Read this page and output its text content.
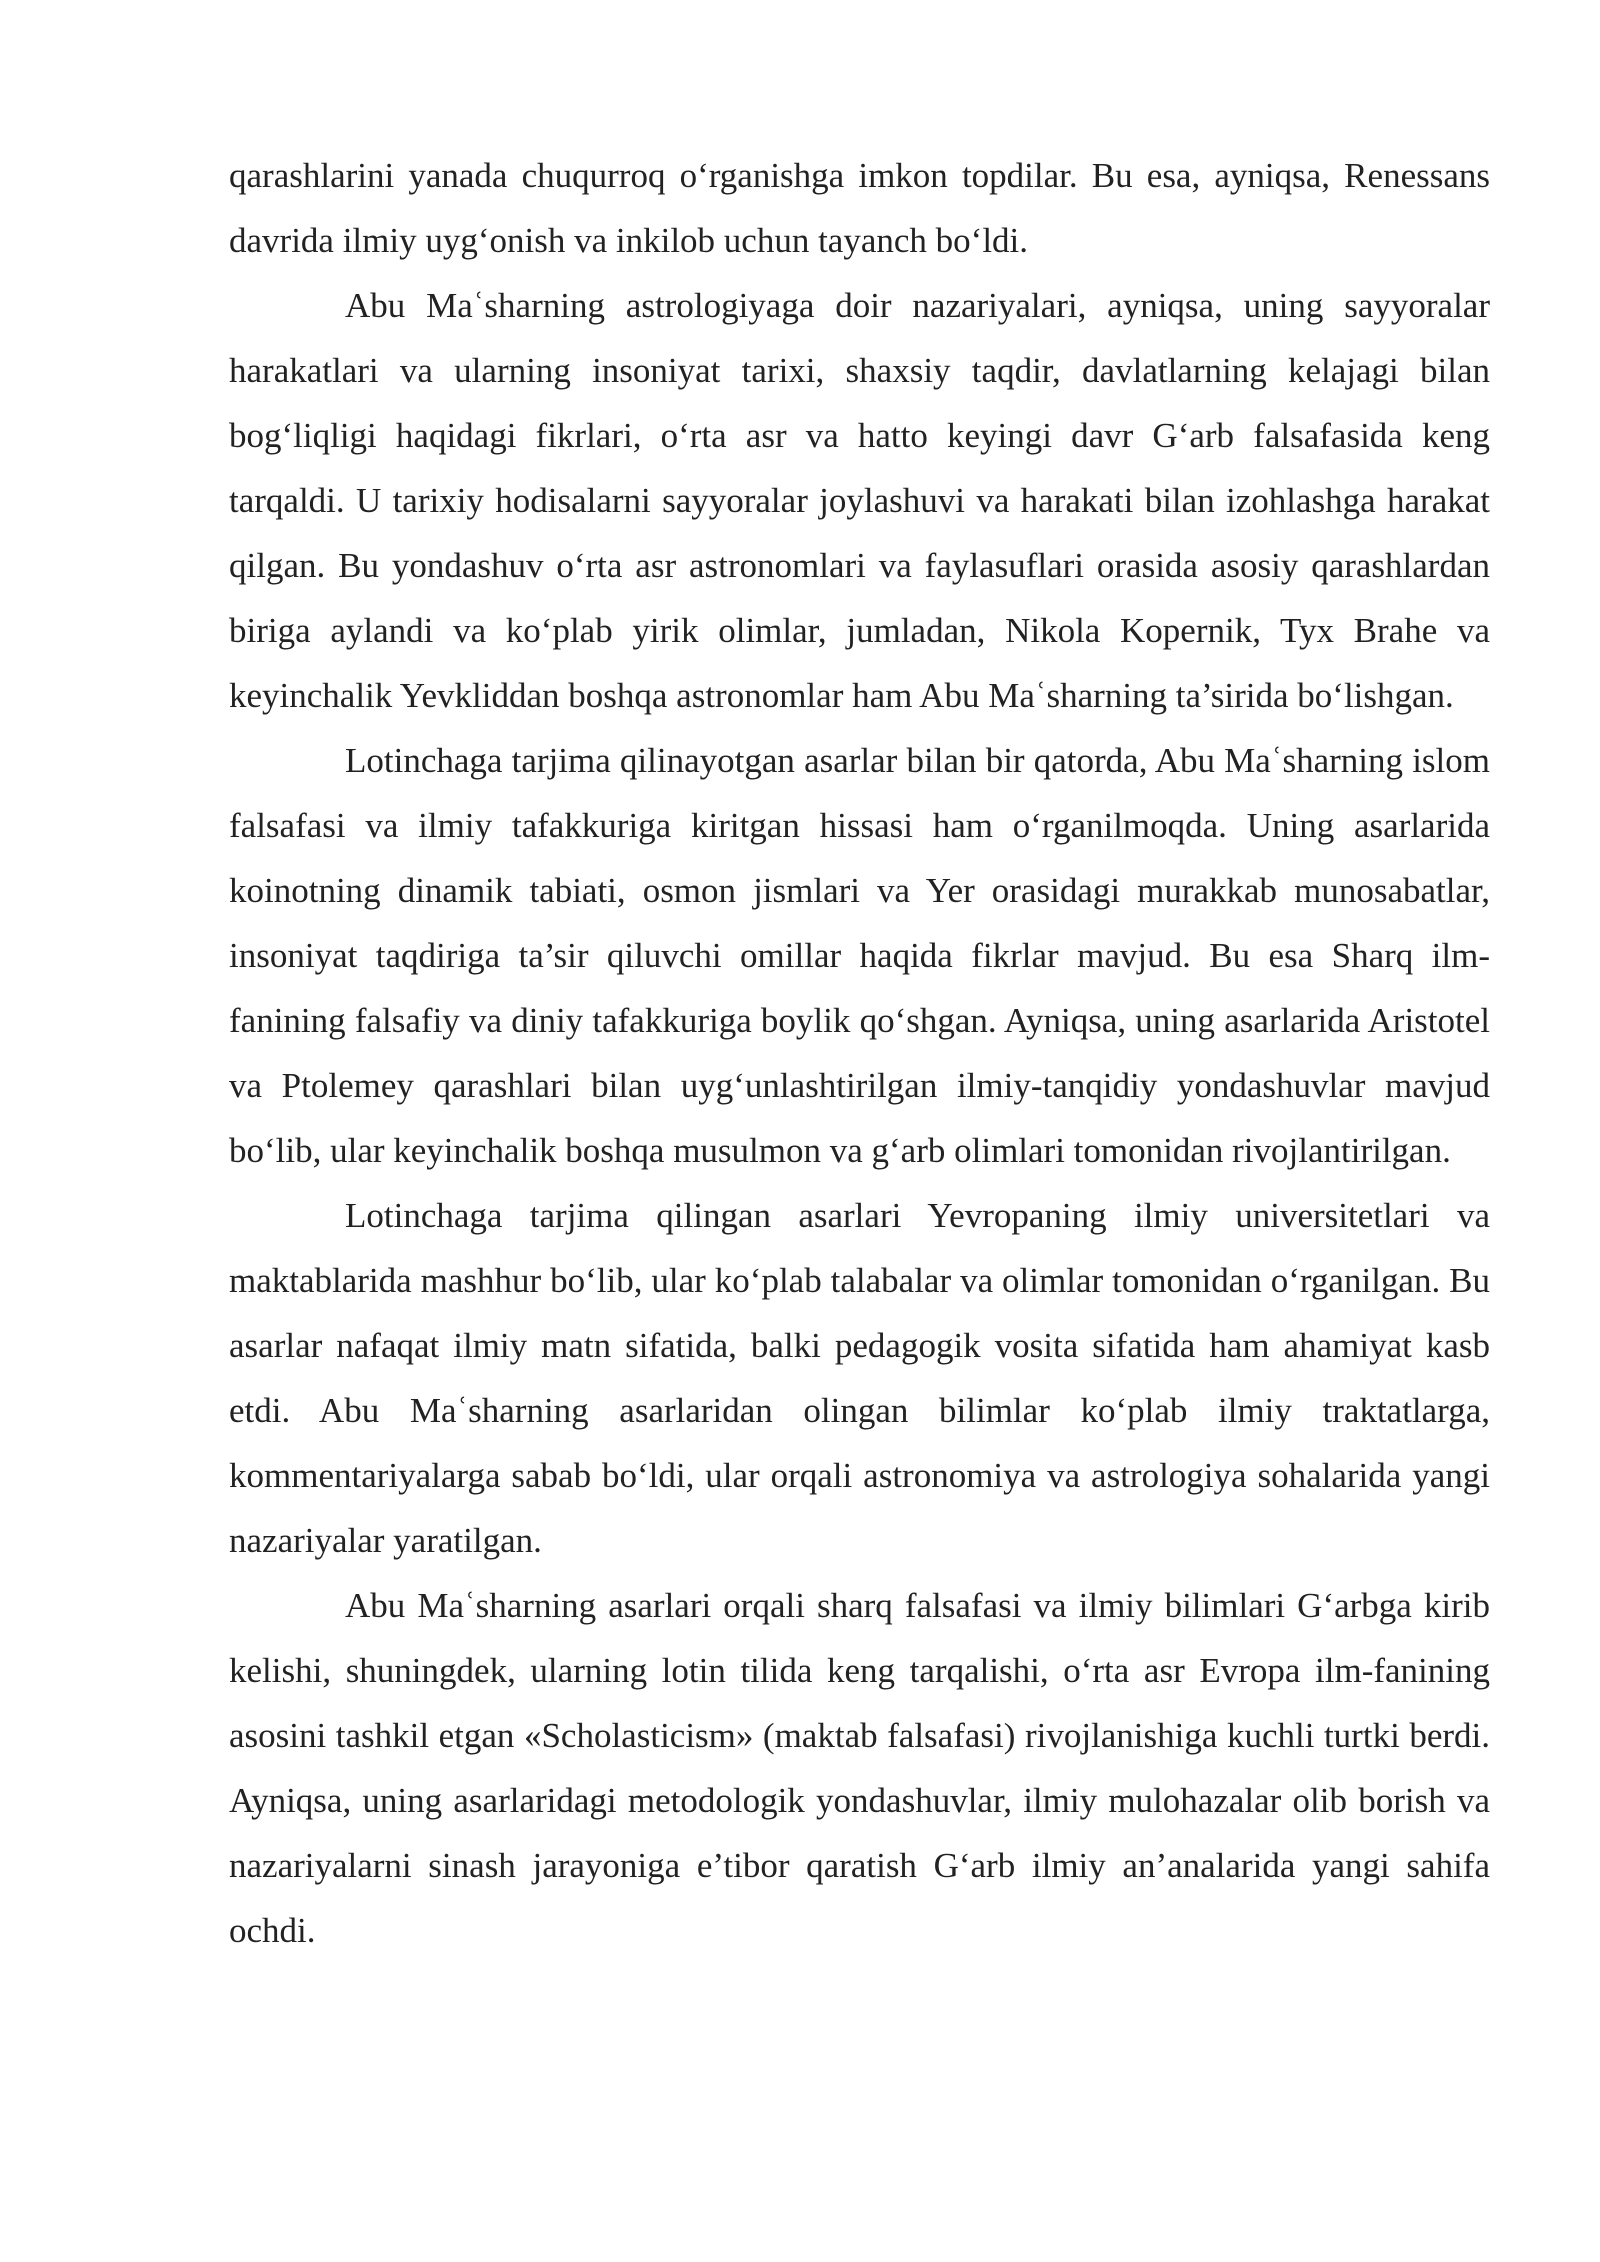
qarashlarini yanada chuqurroq o‘rganishga imkon topdilar. Bu esa, ayniqsa, Renessans davrida ilmiy uyg‘onish va inkilob uchun tayanch bo‘ldi.

Abu Maʿsharning astrologiyaga doir nazariyalari, ayniqsa, uning sayyoralar harakatlari va ularning insoniyat tarixi, shaxsiy taqdir, davlatlarning kelajagi bilan bog‘liqligi haqidagi fikrlari, o‘rta asr va hatto keyingi davr G‘arb falsafasida keng tarqaldi. U tarixiy hodisalarni sayyoralar joylashuvi va harakati bilan izohlashga harakat qilgan. Bu yondashuv o‘rta asr astronomlari va faylasuflari orasida asosiy qarashlardan biriga aylandi va ko‘plab yirik olimlar, jumladan, Nikola Kopernik, Tyx Brahe va keyinchalik Yevkliddan boshqa astronomlar ham Abu Maʿsharning ta’sirida bo‘lishgan.

Lotinchaga tarjima qilinayotgan asarlar bilan bir qatorda, Abu Maʿsharning islom falsafasi va ilmiy tafakkuriga kiritgan hissasi ham o‘rganilmoqda. Uning asarlarida koinotning dinamik tabiati, osmon jismlari va Yer orasidagi murakkab munosabatlar, insoniyat taqdiriga ta’sir qiluvchi omillar haqida fikrlar mavjud. Bu esa Sharq ilm-fanining falsafiy va diniy tafakkuriga boylik qo‘shgan. Ayniqsa, uning asarlarida Aristotel va Ptolemey qarashlari bilan uyg‘unlashtirilgan ilmiy-tanqidiy yondashuvlar mavjud bo‘lib, ular keyinchalik boshqa musulmon va g‘arb olimlari tomonidan rivojlantirilgan.

Lotinchaga tarjima qilingan asarlari Yevropaning ilmiy universitetlari va maktablarida mashhur bo‘lib, ular ko‘plab talabalar va olimlar tomonidan o‘rganilgan. Bu asarlar nafaqat ilmiy matn sifatida, balki pedagogik vosita sifatida ham ahamiyat kasb etdi. Abu Maʿsharning asarlaridan olingan bilimlar ko‘plab ilmiy traktatlarga, kommentariyalarga sabab bo‘ldi, ular orqali astronomiya va astrologiya sohalarida yangi nazariyalar yaratilgan.

Abu Maʿsharning asarlari orqali sharq falsafasi va ilmiy bilimlari G‘arbga kirib kelishi, shuningdek, ularning lotin tilida keng tarqalishi, o‘rta asr Evropa ilm-fanining asosini tashkil etgan «Scholasticism» (maktab falsafasi) rivojlanishiga kuchli turtki berdi. Ayniqsa, uning asarlaridagi metodologik yondashuvlar, ilmiy mulohazalar olib borish va nazariyalarni sinash jarayoniga e’tibor qaratish G‘arb ilmiy an’analarida yangi sahifa ochdi.
